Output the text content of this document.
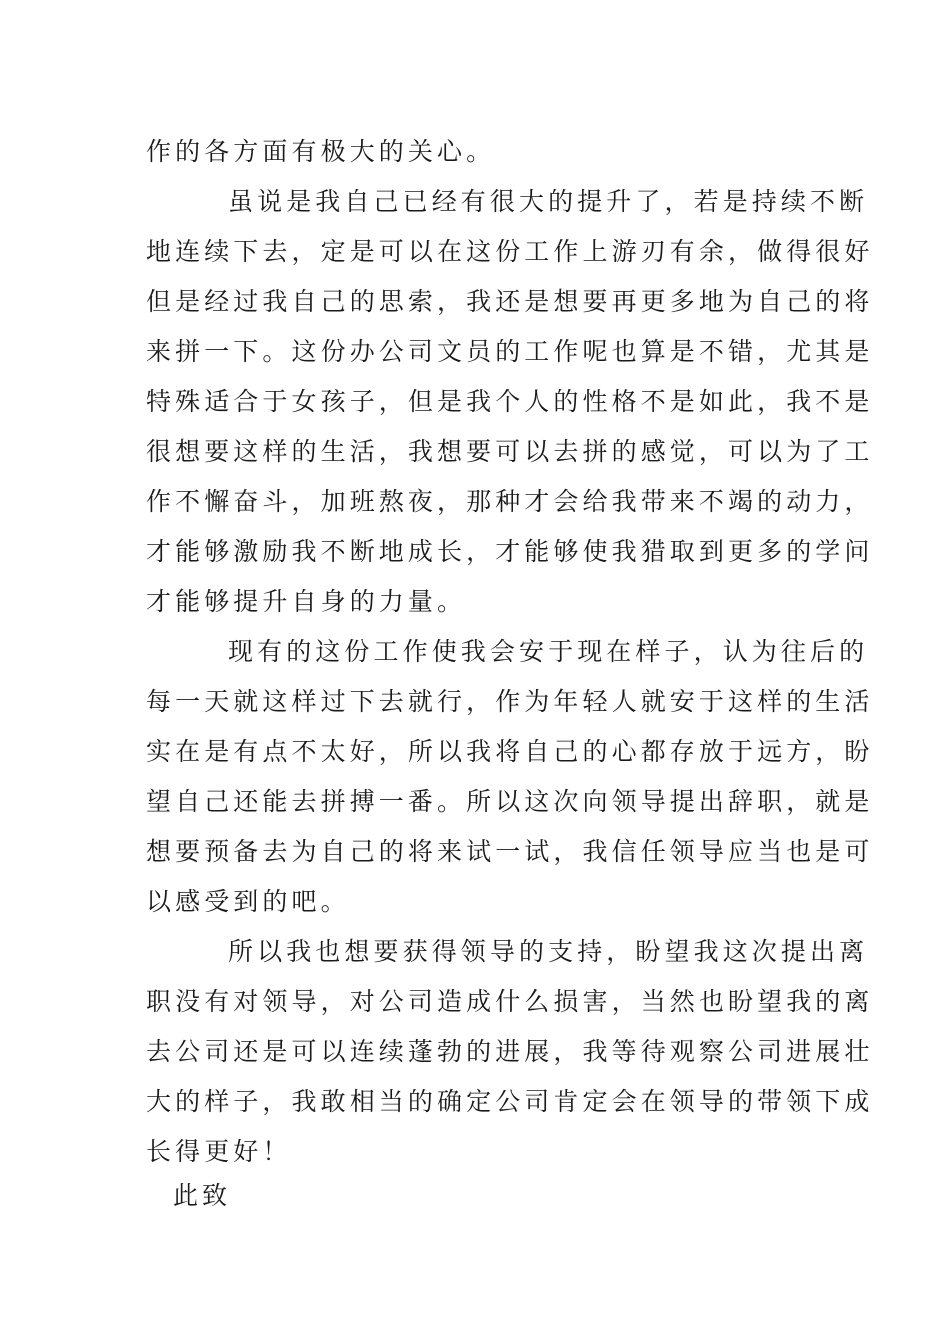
作的各方面有极大的关心。
虽说是我自己已经有很大的提升了，若是持续不断
地连续下去，定是可以在这份工作上游刃有余，做得很好
但是经过我自己的思索，我还是想要再更多地为自己的将
来拼一下。这份办公司文员的工作呢也算是不错，尤其是
特殊适合于女孩子，但是我个人的性格不是如此，我不是
很想要这样的生活，我想要可以去拼的感觉，可以为了工
作不懈奋斗，加班熬夜，那种才会给我带来不竭的动力，
才能够激励我不断地成长，才能够使我猎取到更多的学问
才能够提升自身的力量。
现有的这份工作使我会安于现在样子，认为往后的
每一天就这样过下去就行，作为年轻人就安于这样的生活
实在是有点不太好，所以我将自己的心都存放于远方，盼
望自己还能去拼搏一番。所以这次向领导提出辞职，就是
想要预备去为自己的将来试一试，我信任领导应当也是可
以感受到的吧。
所以我也想要获得领导的支持，盼望我这次提出离
职没有对领导，对公司造成什么损害，当然也盼望我的离
去公司还是可以连续蓬勃的进展，我等待观察公司进展壮
大的样子，我敢相当的确定公司肯定会在领导的带领下成
长得更好！
此致
